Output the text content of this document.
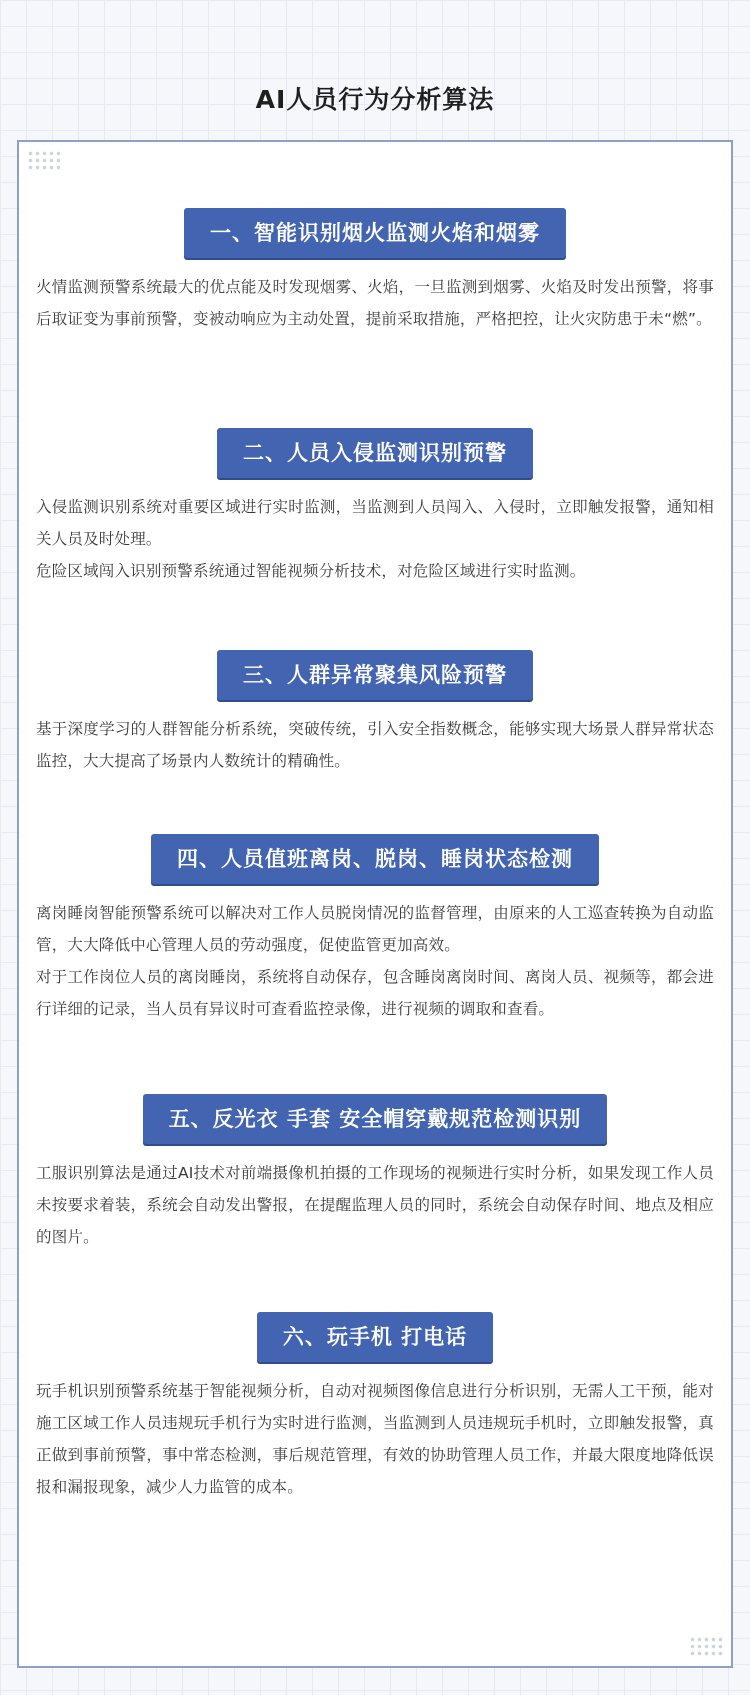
AI人员行为分析算法
一、智能识别烟火监测火焰和烟雾

火情监测预警系统最大的优点能及时发现烟雾、火焰，一旦监测到烟雾、火焰及时发出预警，将事后取证变为事前预警，变被动响应为主动处置，提前采取措施，严格把控，让火灾防患于未“燃”。

二、人员入侵监测识别预警

入侵监测识别系统对重要区域进行实时监测，当监测到人员闯入、入侵时，立即触发报警，通知相关人员及时处理。

危险区域闯入识别预警系统通过智能视频分析技术，对危险区域进行实时监测。

三、人群异常聚集风险预警

基于深度学习的人群智能分析系统，突破传统，引入安全指数概念，能够实现大场景人群异常状态监控，大大提高了场景内人数统计的精确性。

四、人员值班离岗、脱岗、睡岗状态检测

离岗睡岗智能预警系统可以解决对工作人员脱岗情况的监督管理，由原来的人工巡查转换为自动监管，大大降低中心管理人员的劳动强度，促使监管更加高效。

对于工作岗位人员的离岗睡岗，系统将自动保存，包含睡岗离岗时间、离岗人员、视频等，都会进行详细的记录，当人员有异议时可查看监控录像，进行视频的调取和查看。

五、反光衣 手套 安全帽穿戴规范检测识别

工服识别算法是通过AI技术对前端摄像机拍摄的工作现场的视频进行实时分析，如果发现工作人员未按要求着装，系统会自动发出警报，在提醒监理人员的同时，系统会自动保存时间、地点及相应的图片。

六、玩手机 打电话

玩手机识别预警系统基于智能视频分析，自动对视频图像信息进行分析识别，无需人工干预，能对施工区域工作人员违规玩手机行为实时进行监测，当监测到人员违规玩手机时，立即触发报警，真正做到事前预警，事中常态检测，事后规范管理，有效的协助管理人员工作，并最大限度地降低误报和漏报现象，减少人力监管的成本。
